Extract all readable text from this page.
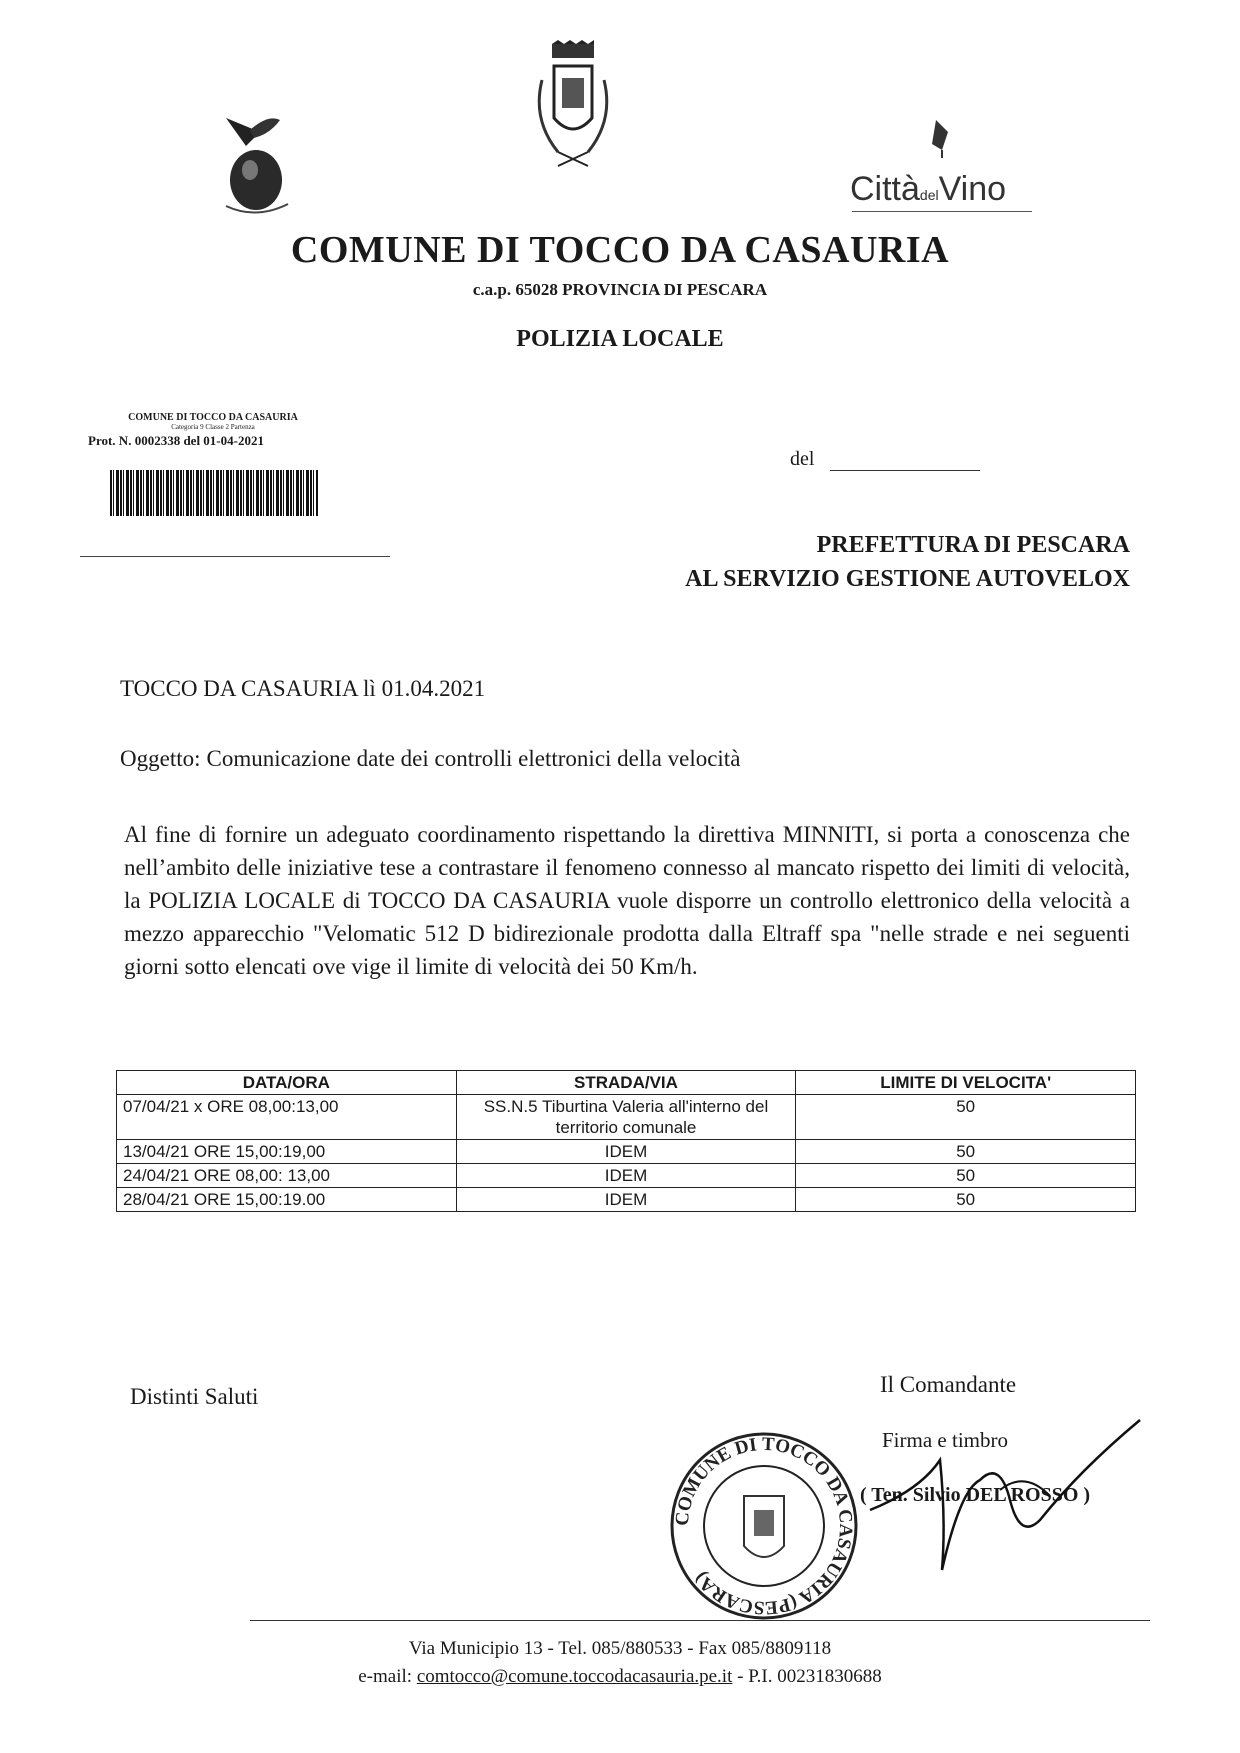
CittàdelVino
COMUNE DI TOCCO DA CASAURIA
c.a.p. 65028 PROVINCIA DI PESCARA
POLIZIA LOCALE
COMUNE DI TOCCO DA CASAURIA
Categoria 9 Classe 2 Partenza
Prot. N. 0002338 del 01-04-2021
del
PREFETTURA DI PESCARA
AL SERVIZIO GESTIONE AUTOVELOX
TOCCO DA CASAURIA lì 01.04.2021
Oggetto: Comunicazione date dei controlli elettronici della velocità
Al fine di fornire un adeguato coordinamento rispettando la direttiva MINNITI, si porta a conoscenza che nell’ambito delle iniziative tese a contrastare il fenomeno connesso al mancato rispetto dei limiti di velocità, la POLIZIA LOCALE di TOCCO DA CASAURIA vuole disporre un controllo elettronico della velocità a mezzo apparecchio "Velomatic 512 D bidirezionale prodotta dalla Eltraff spa "nelle strade e nei seguenti giorni sotto elencati ove vige il limite di velocità dei 50 Km/h.
DATA/ORA	STRADA/VIA	LIMITE DI VELOCITA'
07/04/21 x ORE 08,00:13,00	SS.N.5 Tiburtina Valeria all'interno del territorio comunale	50
13/04/21 ORE 15,00:19,00	IDEM	50
24/04/21 ORE 08,00: 13,00	IDEM	50
28/04/21 ORE 15,00:19.00	IDEM	50
Distinti Saluti	Il Comandante
Firma e timbro
( Ten. Silvio DEL ROSSO )
COMUNE DI TOCCO DA CASAURIA (PESCARA)
Via Municipio 13 - Tel. 085/880533 - Fax 085/8809118
e-mail: comtocco@comune.toccodacasauria.pe.it - P.I. 00231830688
